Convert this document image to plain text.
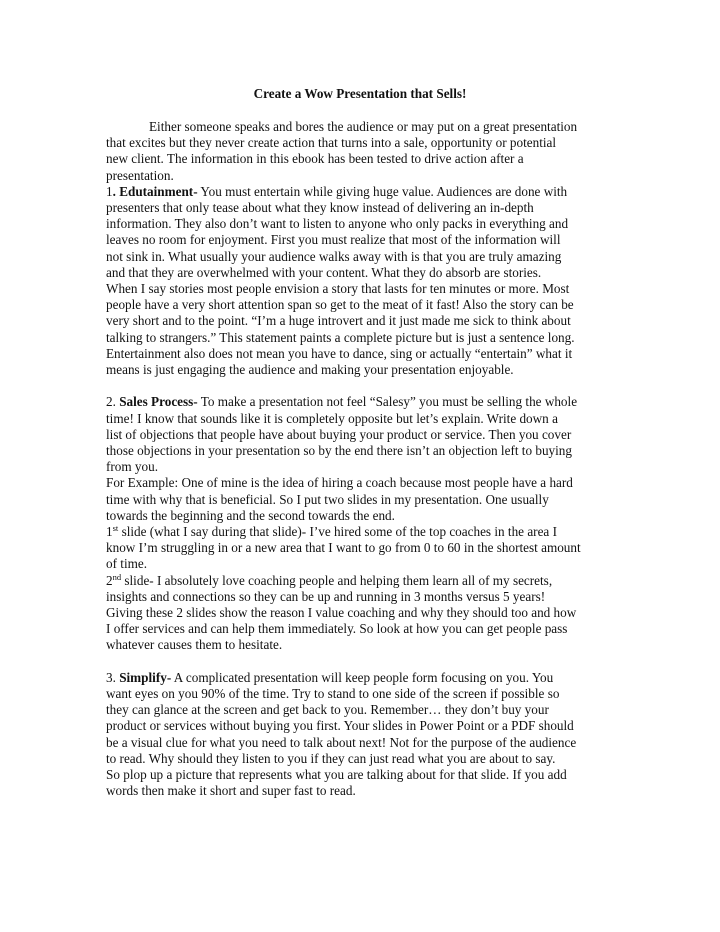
Create a Wow Presentation that Sells!
Either someone speaks and bores the audience or may put on a great presentation
that excites but they never create action that turns into a sale, opportunity or potential
new client. The information in this ebook has been tested to drive action after a
presentation.
1. Edutainment- You must entertain while giving huge value. Audiences are done with
presenters that only tease about what they know instead of delivering an in-depth
information. They also don’t want to listen to anyone who only packs in everything and
leaves no room for enjoyment. First you must realize that most of the information will
not sink in. What usually your audience walks away with is that you are truly amazing
and that they are overwhelmed with your content. What they do absorb are stories.
When I say stories most people envision a story that lasts for ten minutes or more. Most
people have a very short attention span so get to the meat of it fast! Also the story can be
very short and to the point. “I’m a huge introvert and it just made me sick to think about
talking to strangers.” This statement paints a complete picture but is just a sentence long.
Entertainment also does not mean you have to dance, sing or actually “entertain” what it
means is just engaging the audience and making your presentation enjoyable.
2. Sales Process- To make a presentation not feel “Salesy” you must be selling the whole
time! I know that sounds like it is completely opposite but let’s explain. Write down a
list of objections that people have about buying your product or service. Then you cover
those objections in your presentation so by the end there isn’t an objection left to buying
from you.
For Example: One of mine is the idea of hiring a coach because most people have a hard
time with why that is beneficial. So I put two slides in my presentation. One usually
towards the beginning and the second towards the end.
1st slide (what I say during that slide)- I’ve hired some of the top coaches in the area I
know I’m struggling in or a new area that I want to go from 0 to 60 in the shortest amount
of time.
2nd slide- I absolutely love coaching people and helping them learn all of my secrets,
insights and connections so they can be up and running in 3 months versus 5 years!
Giving these 2 slides show the reason I value coaching and why they should too and how
I offer services and can help them immediately. So look at how you can get people pass
whatever causes them to hesitate.
3. Simplify- A complicated presentation will keep people form focusing on you. You
want eyes on you 90% of the time. Try to stand to one side of the screen if possible so
they can glance at the screen and get back to you. Remember… they don’t buy your
product or services without buying you first. Your slides in Power Point or a PDF should
be a visual clue for what you need to talk about next! Not for the purpose of the audience
to read. Why should they listen to you if they can just read what you are about to say.
So plop up a picture that represents what you are talking about for that slide. If you add
words then make it short and super fast to read.
